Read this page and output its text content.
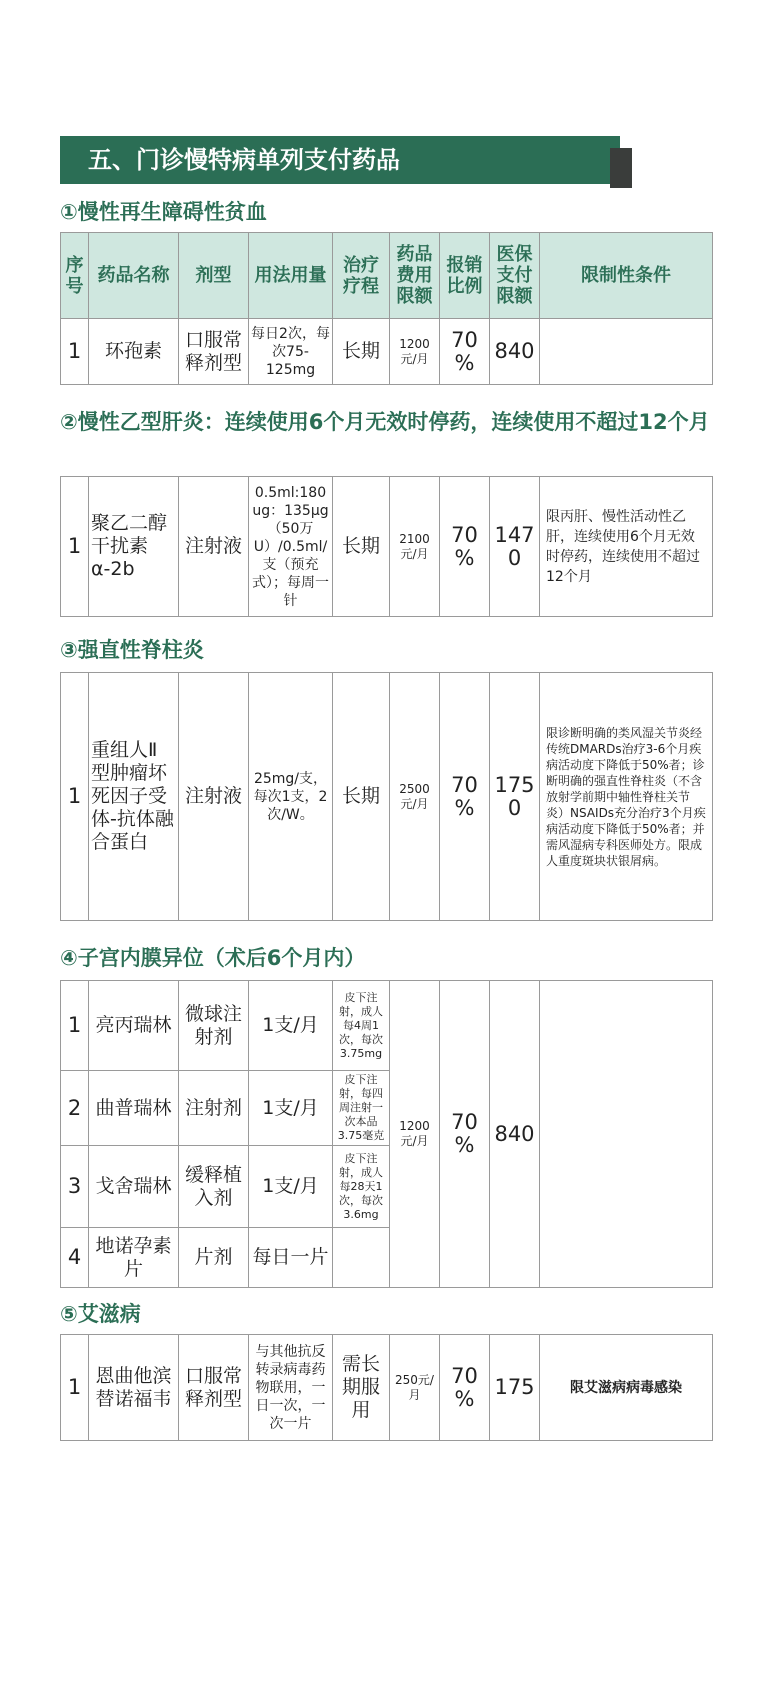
五、门诊慢特病单列支付药品
①慢性再生障碍性贫血
序号	药品名称	剂型	用法用量	治疗疗程	药品费用限额	报销比例	医保支付限额	限制性条件
1	环孢素	口服常释剂型	每日2次，每次75-125mg	长期	1200元/月	70%	840	
②慢性乙型肝炎：连续使用6个月无效时停药，连续使用不超过12个月
1	聚乙二醇干扰素α-2b	注射液	0.5ml:180ug：135μg（50万U）/0.5ml/支（预充式）；每周一针	长期	2100元/月	70%	1470	限丙肝、慢性活动性乙肝，连续使用6个月无效时停药，连续使用不超过12个月
③强直性脊柱炎
1	重组人Ⅱ型肿瘤坏死因子受体-抗体融合蛋白	注射液	25mg/支，每次1支，2次/W。	长期	2500元/月	70%	1750	限诊断明确的类风湿关节炎经传统DMARDs治疗3-6个月疾病活动度下降低于50%者；诊断明确的强直性脊柱炎（不含放射学前期中轴性脊柱关节炎）NSAIDs充分治疗3个月疾病活动度下降低于50%者；并需风湿病专科医师处方。限成人重度斑块状银屑病。
④子宫内膜异位（术后6个月内）
1	亮丙瑞林	微球注射剂	1支/月	皮下注射，成人每4周1次，每次3.75mg	1200元/月	70%	840	
2	曲普瑞林	注射剂	1支/月	皮下注射，每四周注射一次本品3.75毫克				
3	戈舍瑞林	缓释植入剂	1支/月	皮下注射，成人每28天1次，每次3.6mg				
4	地诺孕素片	片剂	每日一片					
⑤艾滋病
1	恩曲他滨替诺福韦	口服常释剂型	与其他抗反转录病毒药物联用，一日一次，一次一片	需长期服用	250元/月	70%	175	限艾滋病病毒感染
